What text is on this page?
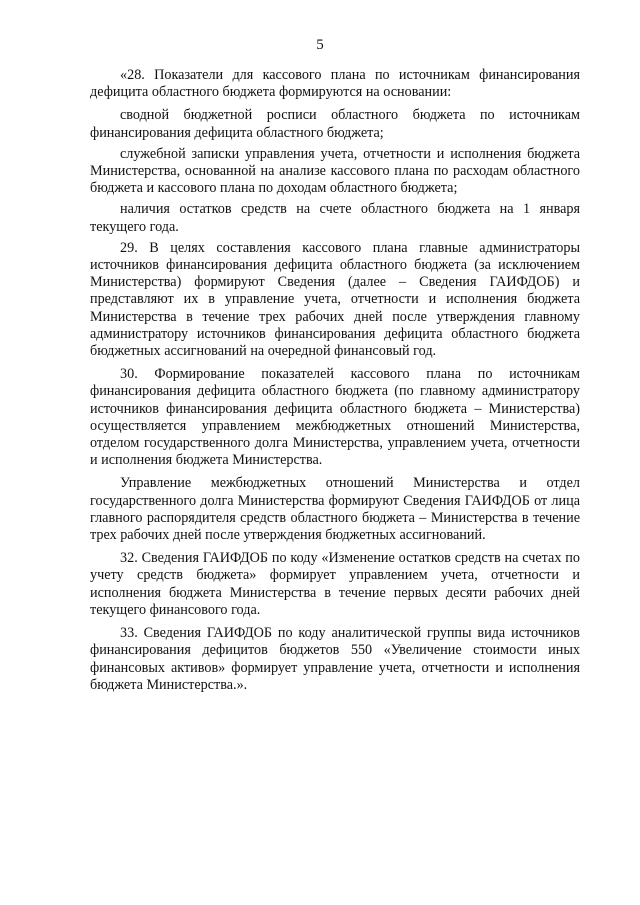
5

«28. Показатели для кассового плана по источникам финансирования дефицита областного бюджета формируются на основании:

сводной бюджетной росписи областного бюджета по источникам финансирования дефицита областного бюджета;

служебной записки управления учета, отчетности и исполнения бюджета Министерства, основанной на анализе кассового плана по расходам областного бюджета и кассового плана по доходам областного бюджета;

наличия остатков средств на счете областного бюджета на 1 января текущего года.

29. В целях составления кассового плана главные администраторы источников финансирования дефицита областного бюджета (за исключением Министерства) формируют Сведения (далее – Сведения ГАИФДОБ) и представляют их в управление учета, отчетности и исполнения бюджета Министерства в течение трех рабочих дней после утверждения главному администратору источников финансирования дефицита областного бюджета бюджетных ассигнований на очередной финансовый год.

30. Формирование показателей кассового плана по источникам финансирования дефицита областного бюджета (по главному администратору источников финансирования дефицита областного бюджета – Министерства) осуществляется управлением межбюджетных отношений Министерства, отделом государственного долга Министерства, управлением учета, отчетности и исполнения бюджета Министерства.

Управление межбюджетных отношений Министерства и отдел государственного долга Министерства формируют Сведения ГАИФДОБ от лица главного распорядителя средств областного бюджета – Министерства в течение трех рабочих дней после утверждения бюджетных ассигнований.

32. Сведения ГАИФДОБ по коду «Изменение остатков средств на счетах по учету средств бюджета» формирует управлением учета, отчетности и исполнения бюджета Министерства в течение первых десяти рабочих дней текущего финансового года.

33. Сведения ГАИФДОБ по коду аналитической группы вида источников финансирования дефицитов бюджетов 550 «Увеличение стоимости иных финансовых активов» формирует управление учета, отчетности и исполнения бюджета Министерства.».
